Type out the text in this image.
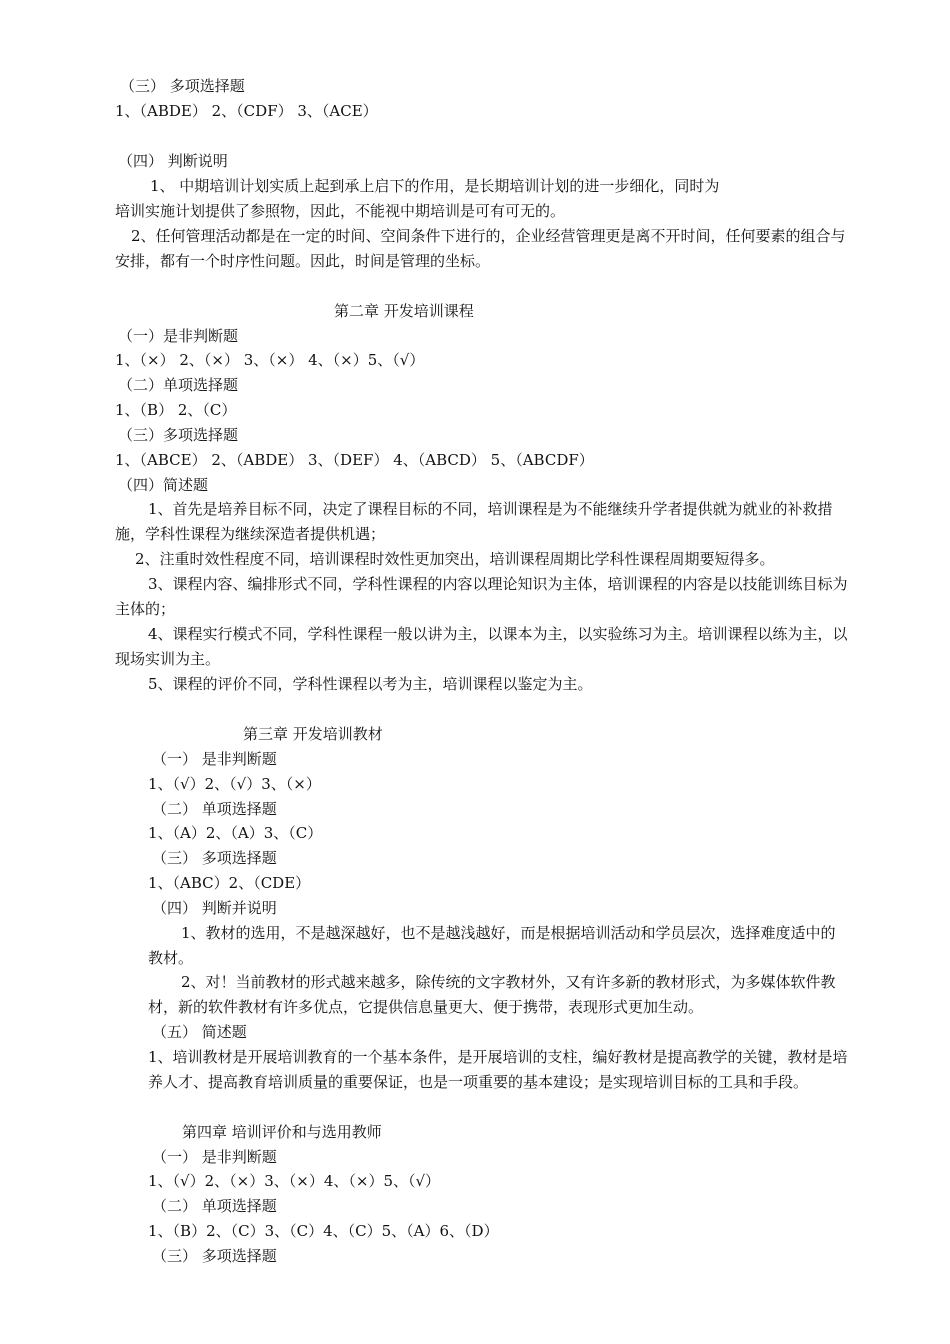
（三） 多项选择题
1、（ABDE） 2、（CDF） 3、（ACE）
（四） 判断说明
1、 中期培训计划实质上起到承上启下的作用，是长期培训计划的进一步细化，同时为
培训实施计划提供了参照物，因此，不能视中期培训是可有可无的。
2、任何管理活动都是在一定的时间、空间条件下进行的，企业经营管理更是离不开时间，任何要素的组合与安排，都有一个时序性问题。因此，时间是管理的坐标。
第二章 开发培训课程
（一）是非判断题
1、（×） 2、（×） 3、（×） 4、（×）5、（√）
（二）单项选择题
1、（B） 2、（C）
（三）多项选择题
1、（ABCE） 2、（ABDE） 3、（DEF） 4、（ABCD） 5、（ABCDF）
（四）简述题
1、首先是培养目标不同，决定了课程目标的不同，培训课程是为不能继续升学者提供就为就业的补救措施，学科性课程为继续深造者提供机遇；
2、注重时效性程度不同，培训课程时效性更加突出，培训课程周期比学科性课程周期要短得多。
3、课程内容、编排形式不同，学科性课程的内容以理论知识为主体，培训课程的内容是以技能训练目标为主体的；
4、课程实行模式不同，学科性课程一般以讲为主，以课本为主，以实验练习为主。培训课程以练为主，以现场实训为主。
5、课程的评价不同，学科性课程以考为主，培训课程以鉴定为主。
第三章 开发培训教材
（一） 是非判断题
1、（√）2、（√）3、（×）
（二） 单项选择题
1、（A）2、（A）3、（C）
（三） 多项选择题
1、（ABC）2、（CDE）
（四） 判断并说明
1、教材的选用，不是越深越好，也不是越浅越好，而是根据培训活动和学员层次，选择难度适中的教材。
2、对！当前教材的形式越来越多，除传统的文字教材外，又有许多新的教材形式，为多媒体软件教材，新的软件教材有许多优点，它提供信息量更大、便于携带，表现形式更加生动。
（五） 简述题
1、培训教材是开展培训教育的一个基本条件，是开展培训的支柱，编好教材是提高教学的关键，教材是培养人才、提高教育培训质量的重要保证，也是一项重要的基本建设；是实现培训目标的工具和手段。
第四章 培训评价和与选用教师
（一） 是非判断题
1、（√）2、（×）3、（×）4、（×）5、（√）
（二） 单项选择题
1、（B）2、（C）3、（C）4、（C）5、（A）6、（D）
（三） 多项选择题
